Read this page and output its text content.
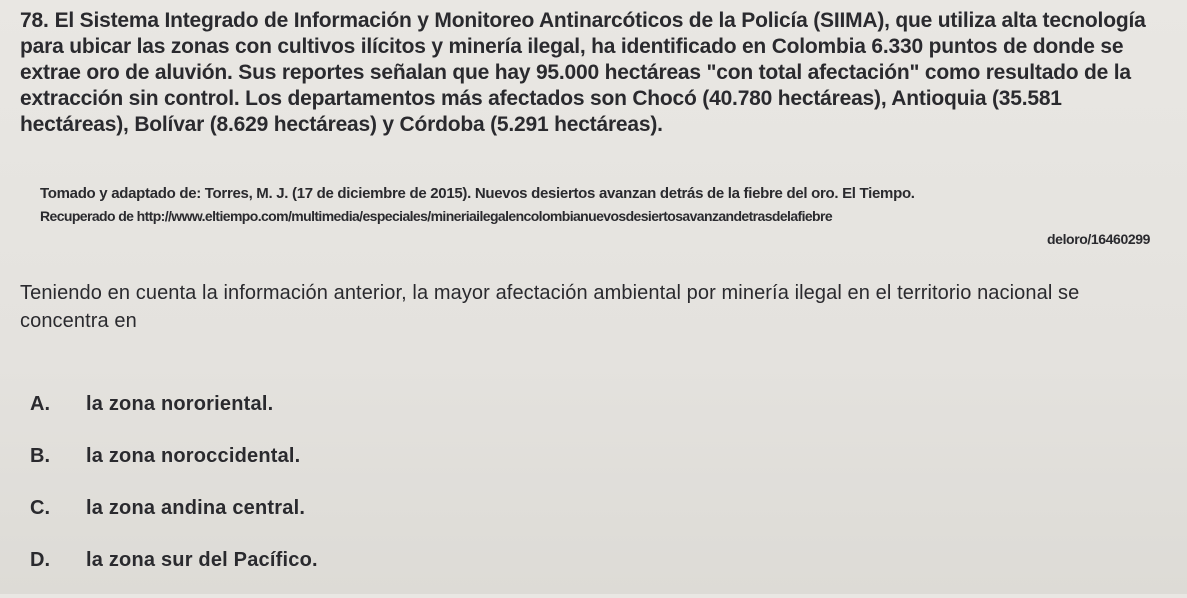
78. El Sistema Integrado de Información y Monitoreo Antinarcóticos de la Policía (SIIMA), que utiliza alta tecnología para ubicar las zonas con cultivos ilícitos y minería ilegal, ha identificado en Colombia 6.330 puntos de donde se extrae oro de aluvión. Sus reportes señalan que hay 95.000 hectáreas "con total afectación" como resultado de la extracción sin control. Los departamentos más afectados son Chocó (40.780 hectáreas), Antioquia (35.581 hectáreas), Bolívar (8.629 hectáreas) y Córdoba (5.291 hectáreas).
Tomado y adaptado de: Torres, M. J. (17 de diciembre de 2015). Nuevos desiertos avanzan detrás de la fiebre del oro. El Tiempo.
Recuperado de http://www.eltiempo.com/multimedia/especiales/mineriailegalencolombianuevosdesiertosavanzandetrasdelafiebre
deloro/16460299
Teniendo en cuenta la información anterior, la mayor afectación ambiental por minería ilegal en el territorio nacional se concentra en
A.	la zona nororiental.
B.	la zona noroccidental.
C.	la zona andina central.
D.	la zona sur del Pacífico.
